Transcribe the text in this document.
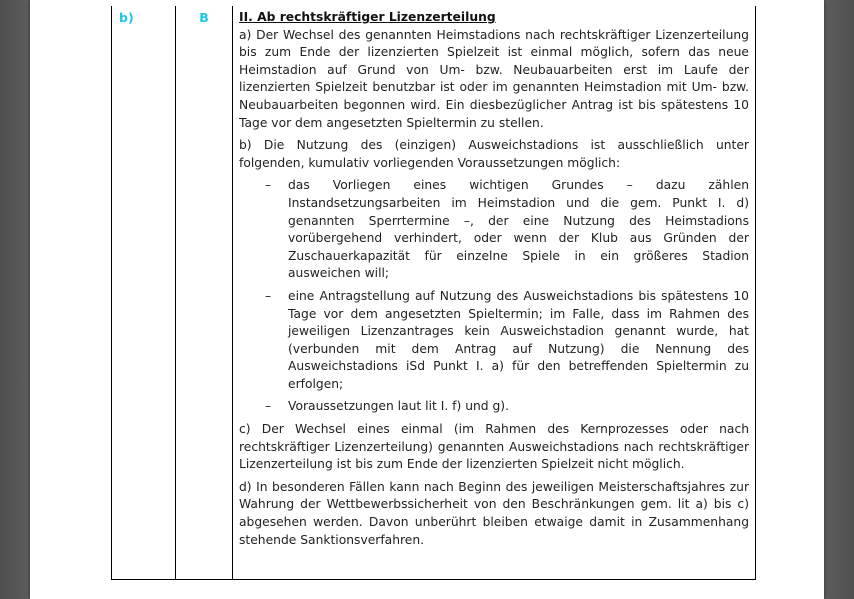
b)	B	II. Ab rechtskräftiger Lizenzerteilung

a) Der Wechsel des genannten Heimstadions nach rechtskräftiger Lizenzerteilung bis zum Ende der lizenzierten Spielzeit ist einmal möglich, sofern das neue Heimstadion auf Grund von Um- bzw. Neubauarbeiten erst im Laufe der lizenzierten Spielzeit benutzbar ist oder im genannten Heimstadion mit Um- bzw. Neubauarbeiten begonnen wird. Ein diesbezüglicher Antrag ist bis spätestens 10 Tage vor dem angesetzten Spieltermin zu stellen.

b) Die Nutzung des (einzigen) Ausweichstadions ist ausschließlich unter folgenden, kumulativ vorliegenden Voraussetzungen möglich:

– das Vorliegen eines wichtigen Grundes – dazu zählen Instandsetzungsarbeiten im Heimstadion und die gem. Punkt I. d) genannten Sperrtermine –, der eine Nutzung des Heimstadions vorübergehend verhindert, oder wenn der Klub aus Gründen der Zuschauerkapazität für einzelne Spiele in ein größeres Stadion ausweichen will;
– eine Antragstellung auf Nutzung des Ausweichstadions bis spätestens 10 Tage vor dem angesetzten Spieltermin; im Falle, dass im Rahmen des jeweiligen Lizenzantrages kein Ausweichstadion genannt wurde, hat (verbunden mit dem Antrag auf Nutzung) die Nennung des Ausweichstadions iSd Punkt I. a) für den betreffenden Spieltermin zu erfolgen;
– Voraussetzungen laut lit I. f) und g).

c) Der Wechsel eines einmal (im Rahmen des Kernprozesses oder nach rechtskräftiger Lizenzerteilung) genannten Ausweichstadions nach rechtskräftiger Lizenzerteilung ist bis zum Ende der lizenzierten Spielzeit nicht möglich.

d) In besonderen Fällen kann nach Beginn des jeweiligen Meisterschaftsjahres zur Wahrung der Wettbewerbssicherheit von den Beschränkungen gem. lit a) bis c) abgesehen werden. Davon unberührt bleiben etwaige damit in Zusammenhang stehende Sanktionsverfahren.
